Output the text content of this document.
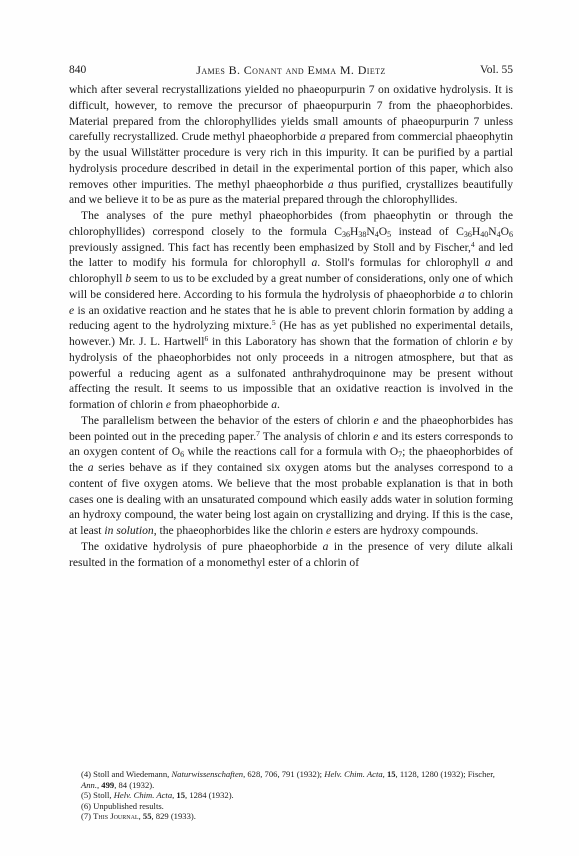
840	James B. Conant and Emma M. Dietz	Vol. 55

which after several recrystallizations yielded no phaeopurpurin 7 on oxidative hydrolysis. It is difficult, however, to remove the precursor of phaeopurpurin 7 from the phaeophorbides. Material prepared from the chlorophyllides yields small amounts of phaeopurpurin 7 unless carefully recrystallized. Crude methyl phaeophorbide a prepared from commercial phaeophytin by the usual Willstätter procedure is very rich in this impurity. It can be purified by a partial hydrolysis procedure described in detail in the experimental portion of this paper, which also removes other impurities. The methyl phaeophorbide a thus purified, crystallizes beautifully and we believe it to be as pure as the material prepared through the chlorophyllides.

The analyses of the pure methyl phaeophorbides (from phaeophytin or through the chlorophyllides) correspond closely to the formula $C_{36}H_{38}N_4O_5$ instead of $C_{36}H_{40}N_4O_6$ previously assigned. This fact has recently been emphasized by Stoll and by Fischer,$^4$ and led the latter to modify his formula for chlorophyll a. Stoll's formulas for chlorophyll a and chlorophyll b seem to us to be excluded by a great number of considerations, only one of which will be considered here. According to his formula the hydrolysis of phaeophorbide a to chlorin e is an oxidative reaction and he states that he is able to prevent chlorin formation by adding a reducing agent to the hydrolyzing mixture.$^5$ (He has as yet published no experimental details, however.) Mr. J. L. Hartwell$^6$ in this Laboratory has shown that the formation of chlorin e by hydrolysis of the phaeophorbides not only proceeds in a nitrogen atmosphere, but that as powerful a reducing agent as a sulfonated anthrahydroquinone may be present without affecting the result. It seems to us impossible that an oxidative reaction is involved in the formation of chlorin e from phaeophorbide a.

The parallelism between the behavior of the esters of chlorin e and the phaeophorbides has been pointed out in the preceding paper.$^7$ The analysis of chlorin e and its esters corresponds to an oxygen content of $O_6$ while the reactions call for a formula with $O_7$; the phaeophorbides of the a series behave as if they contained six oxygen atoms but the analyses correspond to a content of five oxygen atoms. We believe that the most probable explanation is that in both cases one is dealing with an unsaturated compound which easily adds water in solution forming an hydroxy compound, the water being lost again on crystallizing and drying. If this is the case, at least in solution, the phaeophorbides like the chlorin e esters are hydroxy compounds.

The oxidative hydrolysis of pure phaeophorbide a in the presence of very dilute alkali resulted in the formation of a monomethyl ester of a chlorin of

(4) Stoll and Wiedemann, Naturwissenschaften, 628, 706, 791 (1932); Helv. Chim. Acta, 15, 1128, 1280 (1932); Fischer, Ann., 499, 84 (1932).
(5) Stoll, Helv. Chim. Acta, 15, 1284 (1932).
(6) Unpublished results.
(7) This Journal, 55, 829 (1933).
